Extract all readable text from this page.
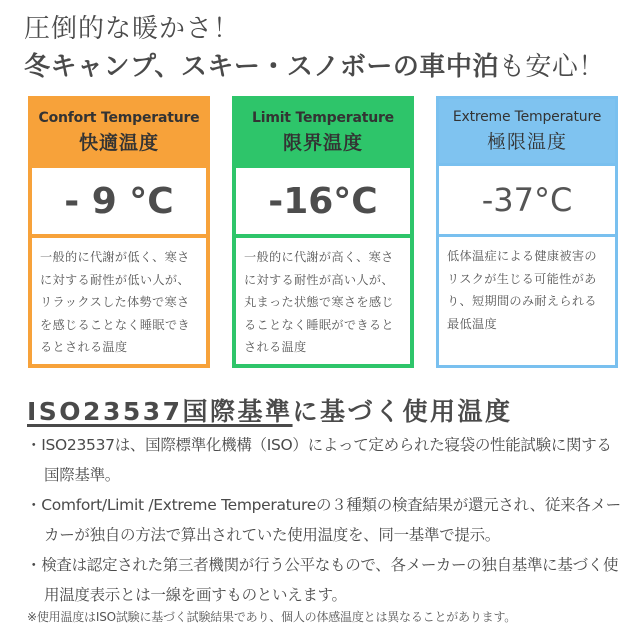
圧倒的な暖かさ！
冬キャンプ、スキー・スノボーの車中泊も安心！
Confort Temperature
快適温度
- 9 °C
一般的に代謝が低く、寒さに対する耐性が低い人が、リラックスした体勢で寒さを感じることなく睡眠できるとされる温度
Limit Temperature
限界温度
-16°C
一般的に代謝が高く、寒さに対する耐性が高い人が、丸まった状態で寒さを感じることなく睡眠ができるとされる温度
Extreme Temperature
極限温度
-37°C
低体温症による健康被害のリスクが生じる可能性があり、短期間のみ耐えられる最低温度
ISO23537国際基準に基づく使用温度
・ISO23537は、国際標準化機構（ISO）によって定められた寝袋の性能試験に関する国際基準。
・Comfort/Limit /Extreme Temperatureの３種類の検査結果が還元され、従来各メーカーが独自の方法で算出されていた使用温度を、同一基準で提示。
・検査は認定された第三者機関が行う公平なもので、各メーカーの独自基準に基づく使用温度表示とは一線を画すものといえます。
※使用温度はISO試験に基づく試験結果であり、個人の体感温度とは異なることがあります。
